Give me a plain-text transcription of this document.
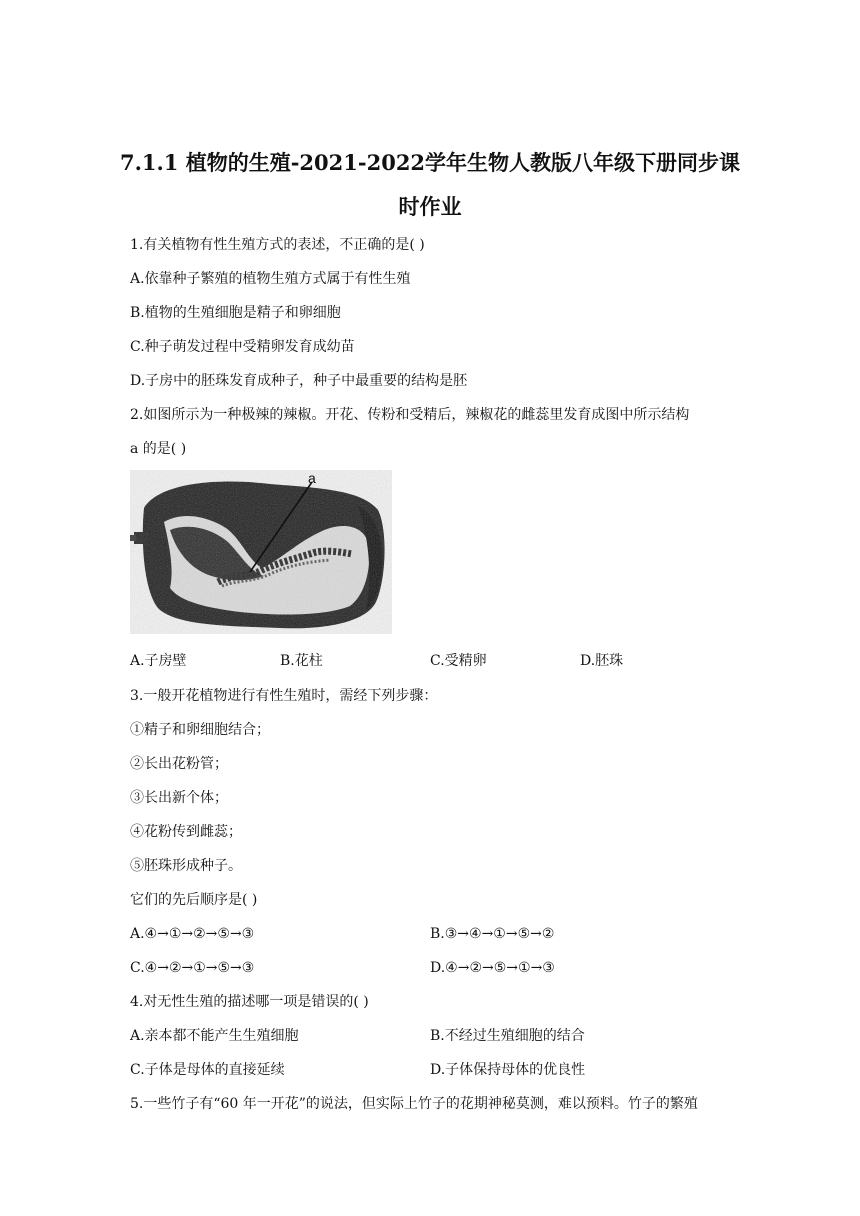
7.1.1 植物的生殖-2021-2022学年生物人教版八年级下册同步课
时作业
1.有关植物有性生殖方式的表述，不正确的是( )
A.依靠种子繁殖的植物生殖方式属于有性生殖
B.植物的生殖细胞是精子和卵细胞
C.种子萌发过程中受精卵发育成幼苗
D.子房中的胚珠发育成种子，种子中最重要的结构是胚
2.如图所示为一种极辣的辣椒。开花、传粉和受精后，辣椒花的雌蕊里发育成图中所示结构
a 的是( )
a
A.子房壁	B.花柱	C.受精卵	D.胚珠
3.一般开花植物进行有性生殖时，需经下列步骤：
①精子和卵细胞结合；
②长出花粉管；
③长出新个体；
④花粉传到雌蕊；
⑤胚珠形成种子。
它们的先后顺序是( )
A.④→①→②→⑤→③	B.③→④→①→⑤→②
C.④→②→①→⑤→③	D.④→②→⑤→①→③
4.对无性生殖的描述哪一项是错误的( )
A.亲本都不能产生生殖细胞	B.不经过生殖细胞的结合
C.子体是母体的直接延续	D.子体保持母体的优良性
5.一些竹子有“60 年一开花”的说法，但实际上竹子的花期神秘莫测，难以预料。竹子的繁殖
